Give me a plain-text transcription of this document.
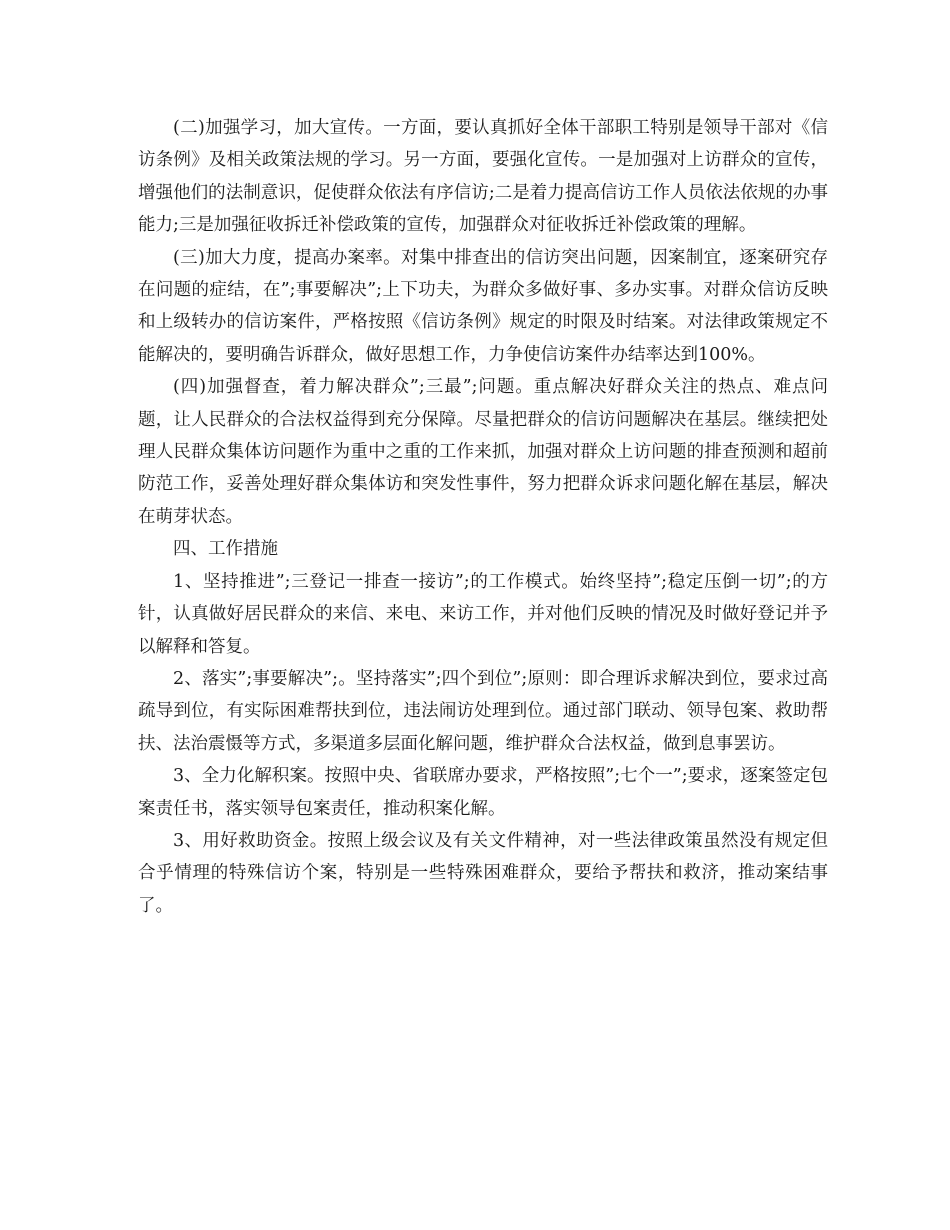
(二)加强学习，加大宣传。一方面，要认真抓好全体干部职工特别是领导干部对《信访条例》及相关政策法规的学习。另一方面，要强化宣传。一是加强对上访群众的宣传，增强他们的法制意识，促使群众依法有序信访;二是着力提高信访工作人员依法依规的办事能力;三是加强征收拆迁补偿政策的宣传，加强群众对征收拆迁补偿政策的理解。

(三)加大力度，提高办案率。对集中排查出的信访突出问题，因案制宜，逐案研究存在问题的症结，在”;事要解决”;上下功夫，为群众多做好事、多办实事。对群众信访反映和上级转办的信访案件，严格按照《信访条例》规定的时限及时结案。对法律政策规定不能解决的，要明确告诉群众，做好思想工作，力争使信访案件办结率达到100%。

(四)加强督查，着力解决群众”;三最”;问题。重点解决好群众关注的热点、难点问题，让人民群众的合法权益得到充分保障。尽量把群众的信访问题解决在基层。继续把处理人民群众集体访问题作为重中之重的工作来抓，加强对群众上访问题的排查预测和超前防范工作，妥善处理好群众集体访和突发性事件，努力把群众诉求问题化解在基层，解决在萌芽状态。

四、工作措施

1、坚持推进”;三登记一排查一接访”;的工作模式。始终坚持”;稳定压倒一切”;的方针，认真做好居民群众的来信、来电、来访工作，并对他们反映的情况及时做好登记并予以解释和答复。

2、落实”;事要解决”;。坚持落实”;四个到位”;原则：即合理诉求解决到位，要求过高疏导到位，有实际困难帮扶到位，违法闹访处理到位。通过部门联动、领导包案、救助帮扶、法治震慑等方式，多渠道多层面化解问题，维护群众合法权益，做到息事罢访。

3、全力化解积案。按照中央、省联席办要求，严格按照”;七个一”;要求，逐案签定包案责任书，落实领导包案责任，推动积案化解。

3、用好救助资金。按照上级会议及有关文件精神，对一些法律政策虽然没有规定但合乎情理的特殊信访个案，特别是一些特殊困难群众，要给予帮扶和救济，推动案结事了。
